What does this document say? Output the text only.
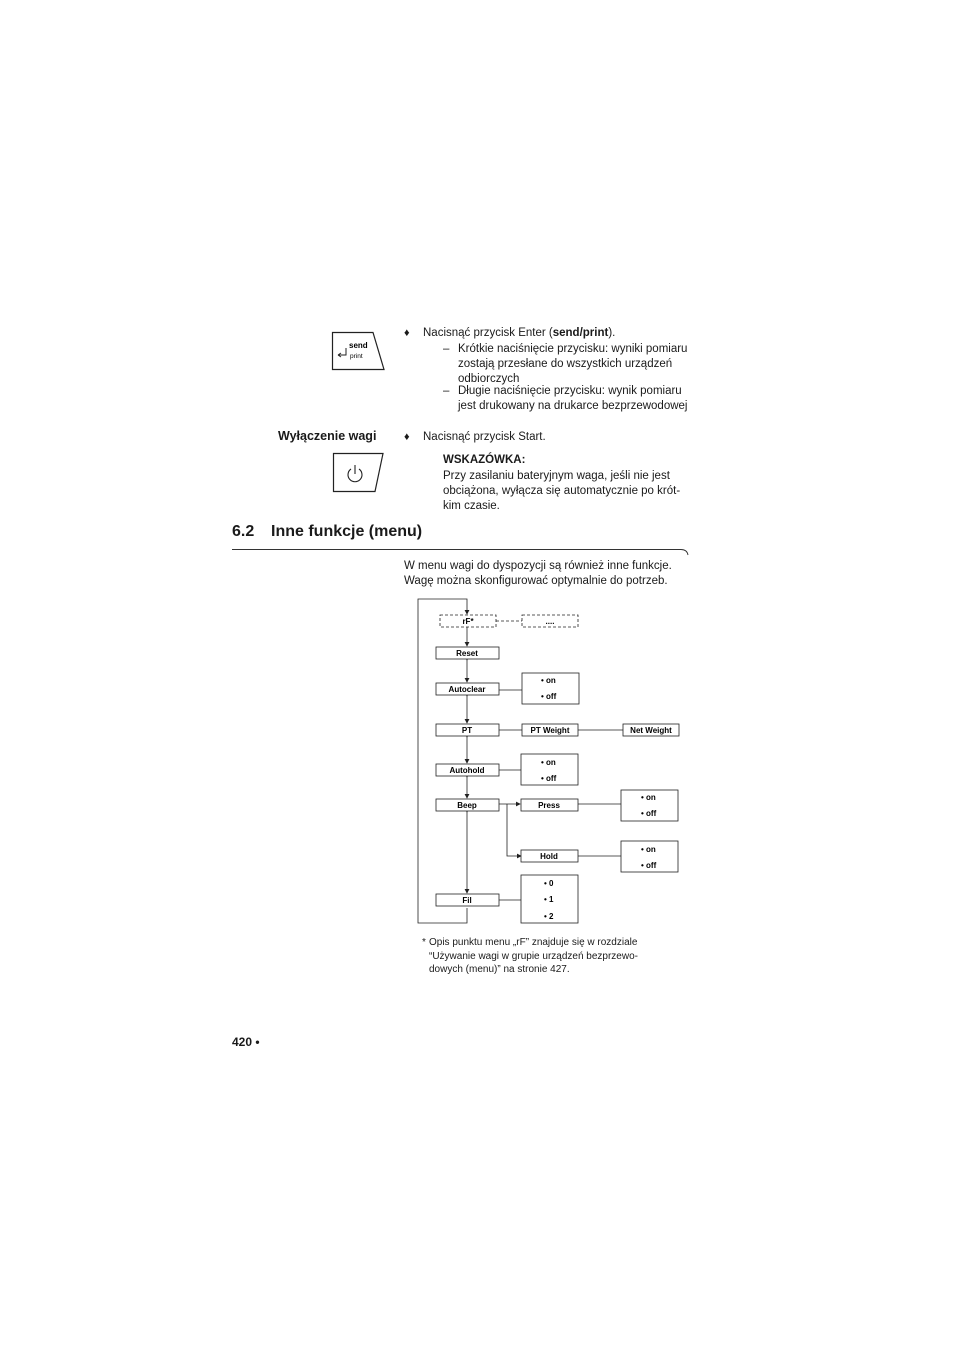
send
print
♦ Nacisnąć przycisk Enter (send/print).
– Krótkie naciśnięcie przycisku: wyniki pomiaru
zostają przesłane do wszystkich urządzeń
odbiorczych
– Długie naciśnięcie przycisku: wynik pomiaru
jest drukowany na drukarce bezprzewodowej
Wyłączenie wagi	♦ Nacisnąć przycisk Start.
WSKAZÓWKA:
Przy zasilaniu bateryjnym waga, jeśli nie jest
obciążona, wyłącza się automatycznie po krót-
kim czasie.
6.2 Inne funkcje (menu)
W menu wagi do dyspozycji są również inne funkcje.
Wagę można skonfigurować optymalnie do potrzeb.
rF*	....
Reset
Autoclear
• on
• off
PT	PT Weight	Net Weight
Autohold
• on
• off
Beep	Press
• on
• off
Hold
• on
• off
Fil
• 0
• 1
• 2
* Opis punktu menu „rF” znajduje się w rozdziale
“Używanie wagi w grupie urządzeń bezprzewo-
dowych (menu)” na stronie 427.
420 •
